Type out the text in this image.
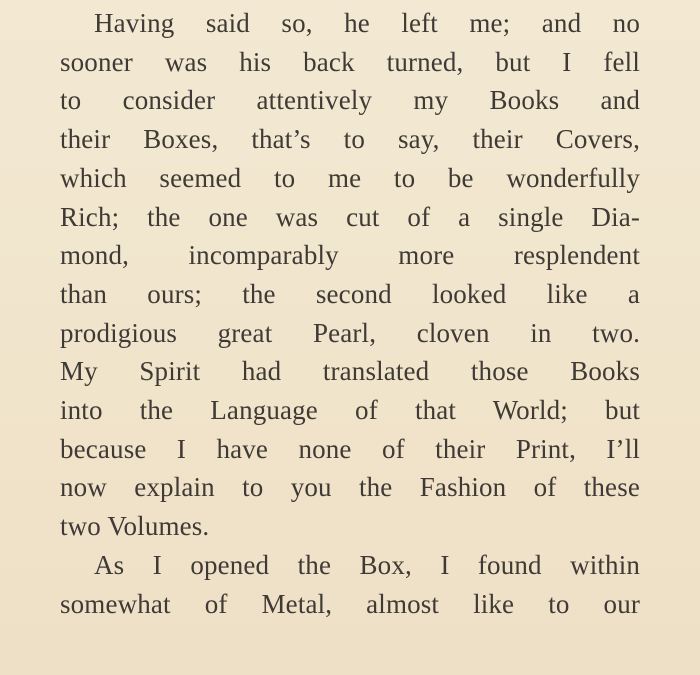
Having said so, he left me; and no
sooner was his back turned, but I fell
to consider attentively my Books and
their Boxes, that’s to say, their Covers,
which seemed to me to be wonderfully
Rich; the one was cut of a single Dia-
mond, incomparably more resplendent
than ours; the second looked like a
prodigious great Pearl, cloven in two.
My Spirit had translated those Books
into the Language of that World; but
because I have none of their Print, I’ll
now explain to you the Fashion of these
two Volumes.
As I opened the Box, I found within
somewhat of Metal, almost like to our
